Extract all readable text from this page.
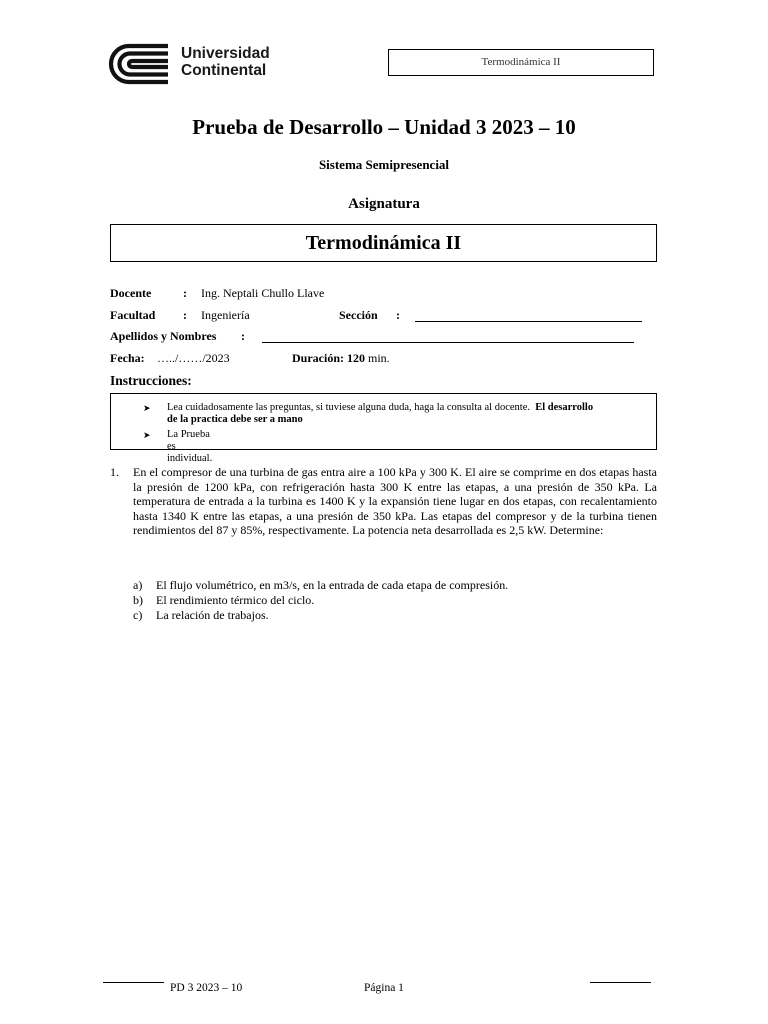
Universidad
Continental	Termodinámica II
Prueba de Desarrollo – Unidad 3 2023 – 10
Sistema Semipresencial
Asignatura
Termodinámica II
Docente	: Ing. Neptali Chullo Llave
Facultad : Ingeniería	Sección :
Apellidos y Nombres :
Fecha: …../……/2023	Duración: 120 min.
Instrucciones:
➤ Lea cuidadosamente las preguntas, si tuviese alguna duda, haga la consulta al docente. El desarrollo
de la practica debe ser a mano
➤ La Prueba es individual.
1. En el compresor de una turbina de gas entra aire a 100 kPa y 300 K. El aire se comprime en dos etapas hasta la presión de 1200 kPa, con refrigeración hasta 300 K entre las etapas, a una presión de 350 kPa. La temperatura de entrada a la turbina es 1400 K y la expansión tiene lugar en dos etapas, con recalentamiento hasta 1340 K entre las etapas, a una presión de 350 kPa. Las etapas del compresor y de la turbina tienen rendimientos del 87 y 85%, respectivamente. La potencia neta desarrollada es 2,5 kW. Determine:
a) El flujo volumétrico, en m3/s, en la entrada de cada etapa de compresión.
b) El rendimiento térmico del ciclo.
c) La relación de trabajos.
PD 3 2023 – 10	Página 1
